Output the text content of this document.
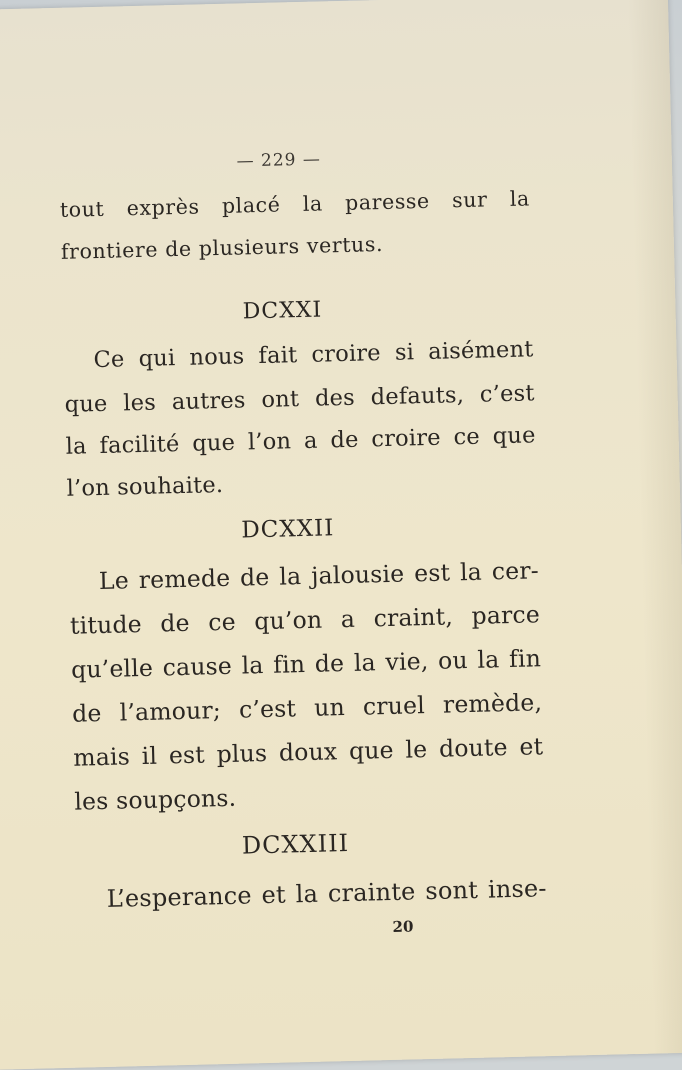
— 229 —
tout exprès placé la paresse sur la
frontiere de plusieurs vertus.
DCXXI
Ce qui nous fait croire si aisément
que les autres ont des defauts, c’est
la facilité que l’on a de croire ce que
l’on souhaite.
DCXXII
Le remede de la jalousie est la cer-
titude de ce qu’on a craint, parce
qu’elle cause la fin de la vie, ou la fin
de l’amour; c’est un cruel remède,
mais il est plus doux que le doute et
les soupçons.
DCXXIII
L’esperance et la crainte sont inse-
20
